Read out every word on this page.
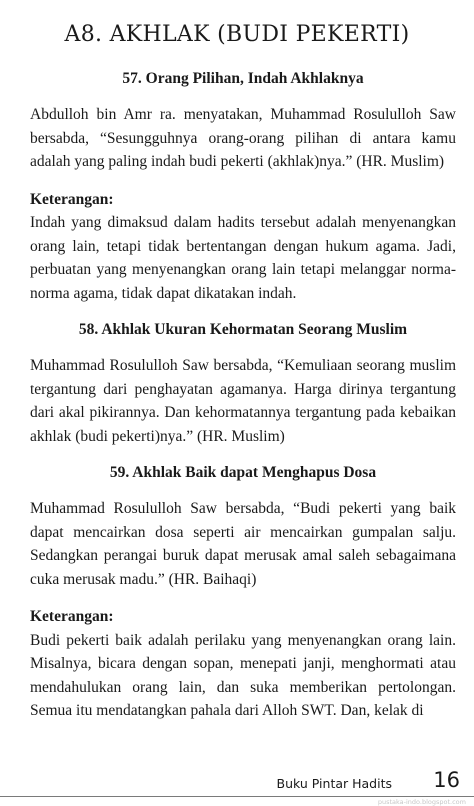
A8. AKHLAK (BUDI PEKERTI)
57. Orang Pilihan, Indah Akhlaknya

Abdulloh bin Amr ra. menyatakan, Muhammad Rosululloh Saw bersabda, “Sesungguhnya orang-orang pilihan di antara kamu adalah yang paling indah budi pekerti (akhlak)nya.” (HR. Muslim)

Keterangan:

Indah yang dimaksud dalam hadits tersebut adalah menyenangkan orang lain, tetapi tidak bertentangan dengan hukum agama. Jadi, perbuatan yang menyenangkan orang lain tetapi melanggar norma-norma agama, tidak dapat dikatakan indah.

58. Akhlak Ukuran Kehormatan Seorang Muslim

Muhammad Rosululloh Saw bersabda, “Kemuliaan seorang muslim tergantung dari penghayatan agamanya. Harga dirinya tergantung dari akal pikirannya. Dan kehormatannya tergantung pada kebaikan akhlak (budi pekerti)nya.” (HR. Muslim)

59. Akhlak Baik dapat Menghapus Dosa

Muhammad Rosululloh Saw bersabda, “Budi pekerti yang baik dapat mencairkan dosa seperti air mencairkan gumpalan salju. Sedangkan perangai buruk dapat merusak amal saleh sebagaimana cuka merusak madu.” (HR. Baihaqi)

Keterangan:

Budi pekerti baik adalah perilaku yang menyenangkan orang lain. Misalnya, bicara dengan sopan, menepati janji, menghormati atau mendahulukan orang lain, dan suka memberikan pertolongan. Semua itu mendatangkan pahala dari Alloh SWT. Dan, kelak di

Buku Pintar Hadits 16
pustaka-indo.blogspot.com
